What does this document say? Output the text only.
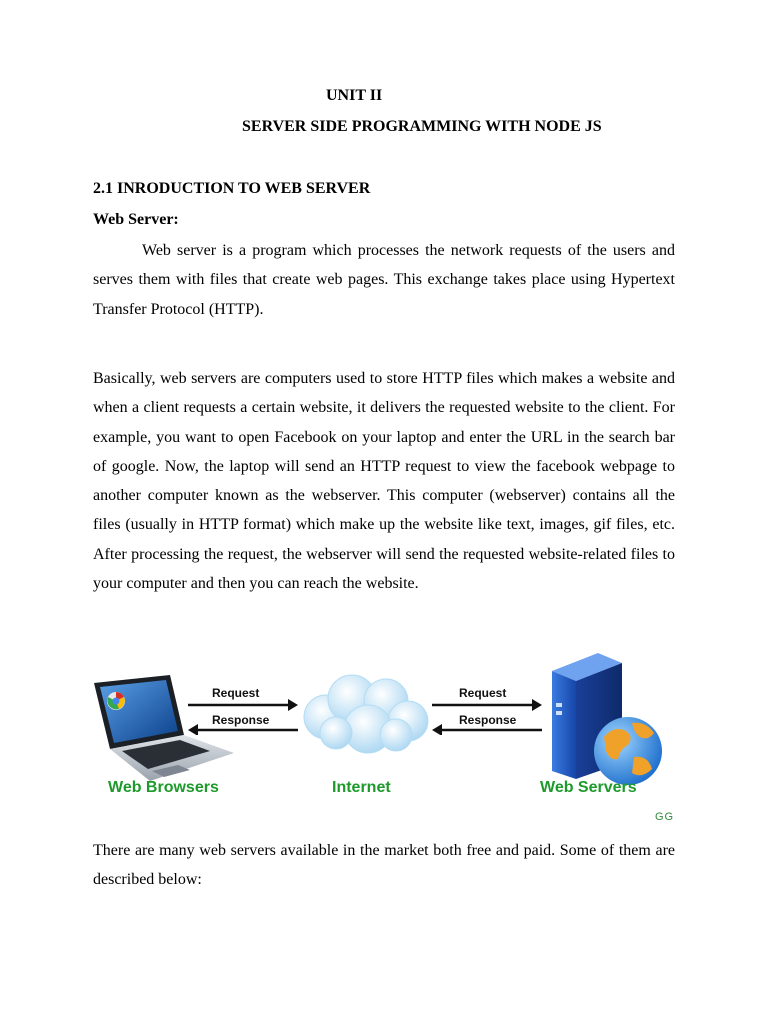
UNIT II
SERVER SIDE PROGRAMMING WITH NODE JS
2.1 INRODUCTION TO WEB SERVER
Web Server:

Web server is a program which processes the network requests of the users and serves them with files that create web pages. This exchange takes place using Hypertext Transfer Protocol (HTTP).

Basically, web servers are computers used to store HTTP files which makes a website and when a client requests a certain website, it delivers the requested website to the client. For example, you want to open Facebook on your laptop and enter the URL in the search bar of google. Now, the laptop will send an HTTP request to view the facebook webpage to another computer known as the webserver. This computer (webserver) contains all the files (usually in HTTP format) which make up the website like text, images, gif files, etc. After processing the request, the webserver will send the requested website-related files to your computer and then you can reach the website.

Request
Response
Request
Response
Web Browsers	Internet	Web Servers
GG

There are many web servers available in the market both free and paid. Some of them are described below:
